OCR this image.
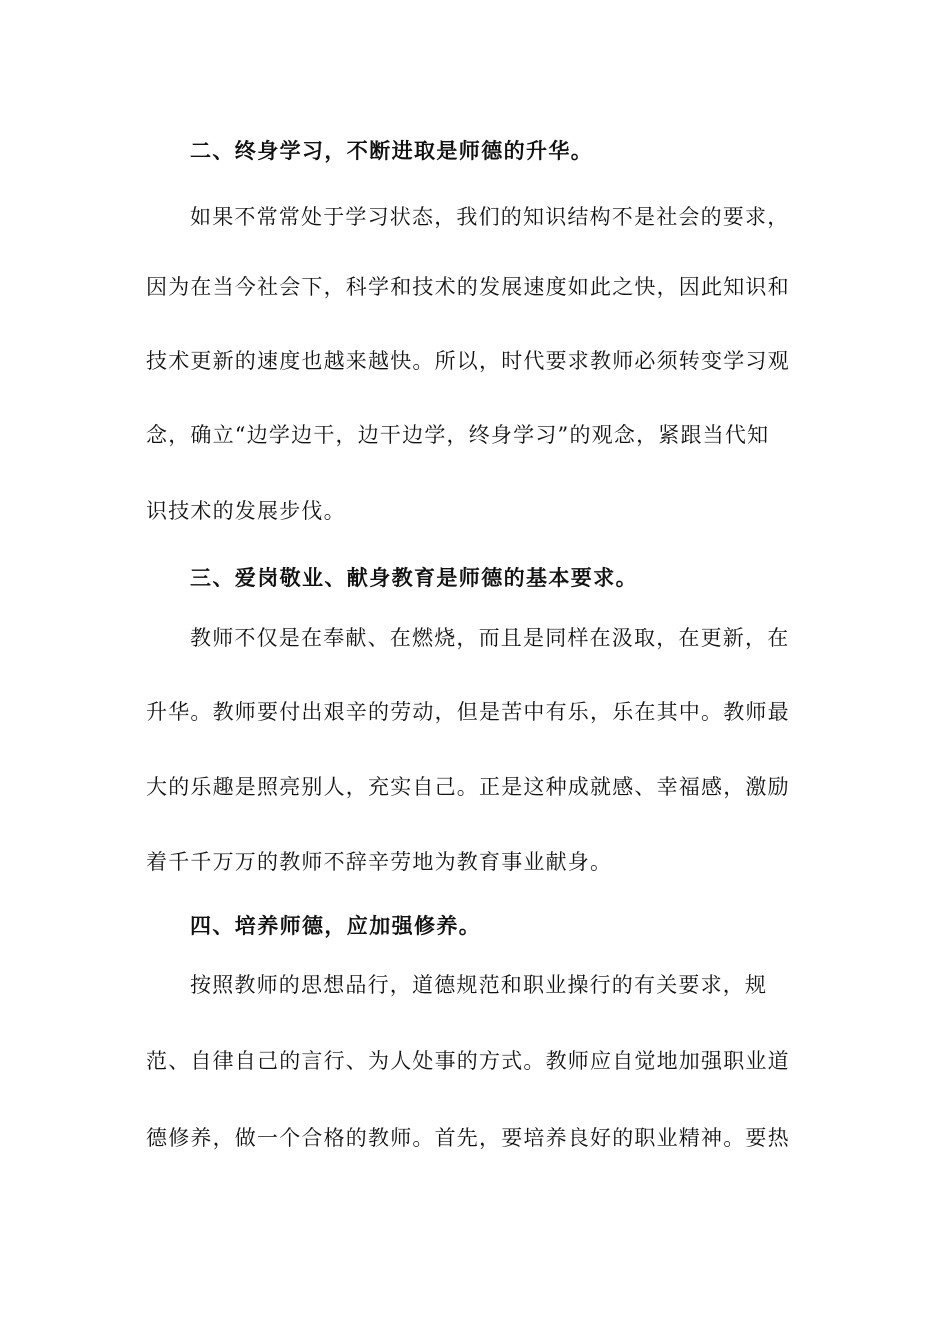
二、终身学习，不断进取是师德的升华。
如果不常常处于学习状态，我们的知识结构不是社会的要求，
因为在当今社会下，科学和技术的发展速度如此之快，因此知识和
技术更新的速度也越来越快。所以，时代要求教师必须转变学习观
念，确立“边学边干，边干边学，终身学习”的观念，紧跟当代知
识技术的发展步伐。
三、爱岗敬业、献身教育是师德的基本要求。
教师不仅是在奉献、在燃烧，而且是同样在汲取，在更新，在
升华。教师要付出艰辛的劳动，但是苦中有乐，乐在其中。教师最
大的乐趣是照亮别人，充实自己。正是这种成就感、幸福感，激励
着千千万万的教师不辞辛劳地为教育事业献身。
四、培养师德，应加强修养。
按照教师的思想品行，道德规范和职业操行的有关要求，规
范、自律自己的言行、为人处事的方式。教师应自觉地加强职业道
德修养，做一个合格的教师。首先，要培养良好的职业精神。要热
